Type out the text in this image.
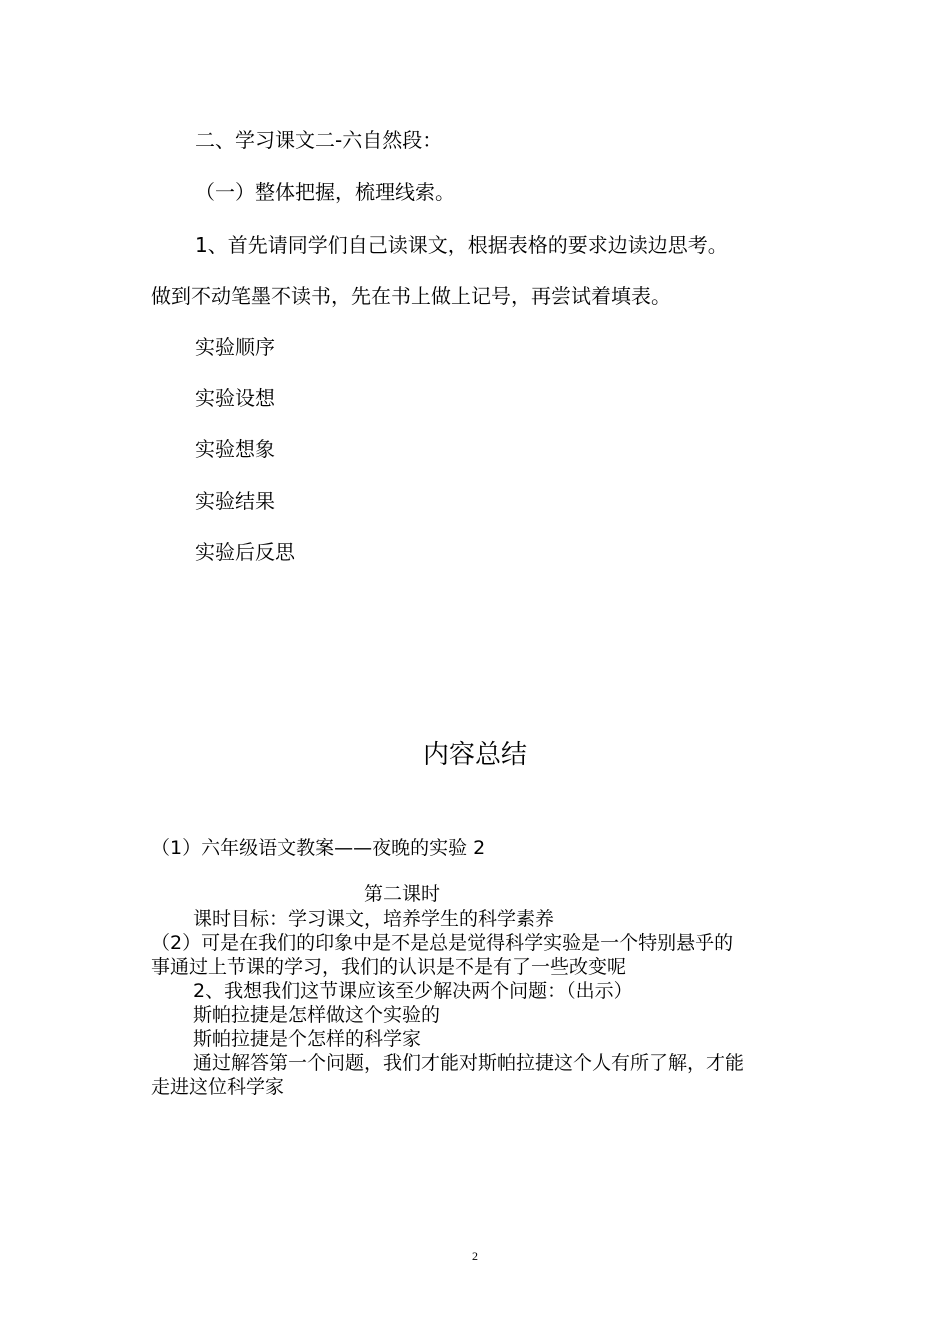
二、学习课文二-六自然段：
（一）整体把握，梳理线索。
1、首先请同学们自己读课文，根据表格的要求边读边思考。
做到不动笔墨不读书，先在书上做上记号，再尝试着填表。
实验顺序
实验设想
实验想象
实验结果
实验后反思
内容总结
（1）六年级语文教案——夜晚的实验 2
第二课时
课时目标：学习课文，培养学生的科学素养
（2）可是在我们的印象中是不是总是觉得科学实验是一个特别悬乎的
事通过上节课的学习，我们的认识是不是有了一些改变呢
2、我想我们这节课应该至少解决两个问题：（出示）
斯帕拉捷是怎样做这个实验的
斯帕拉捷是个怎样的科学家
通过解答第一个问题，我们才能对斯帕拉捷这个人有所了解，才能
走进这位科学家
2
